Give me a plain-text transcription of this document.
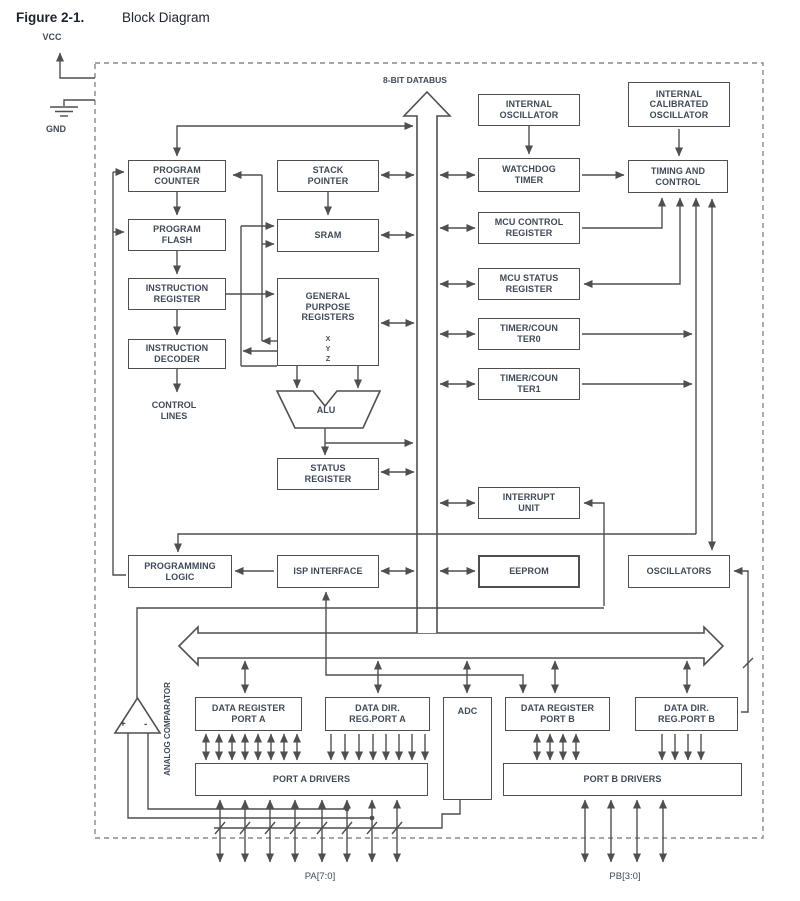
Figure 2-1.	Block Diagram
VCC
GND
8-BIT DATABUS
PROGRAM COUNTER
PROGRAM FLASH
INSTRUCTION REGISTER
INSTRUCTION DECODER
CONTROL LINES
PROGRAMMING LOGIC
STACK POINTER
SRAM
GENERAL PURPOSE REGISTERS
X
Y
Z
ALU
STATUS REGISTER
ISP INTERFACE
INTERNAL OSCILLATOR
WATCHDOG TIMER
MCU CONTROL REGISTER
MCU STATUS REGISTER
TIMER/COUNTER0
TIMER/COUNTER1
INTERRUPT UNIT
EEPROM
INTERNAL CALIBRATED OSCILLATOR
TIMING AND CONTROL
OSCILLATORS
DATA REGISTER PORT A
DATA DIR. REG.PORT A
ADC	DATA REGISTER PORT B
DATA DIR. REG.PORT B
PORT A DRIVERS	PORT B DRIVERS
ANALOG COMPARATOR
+ -
PA[7:0]	PB[3:0]
